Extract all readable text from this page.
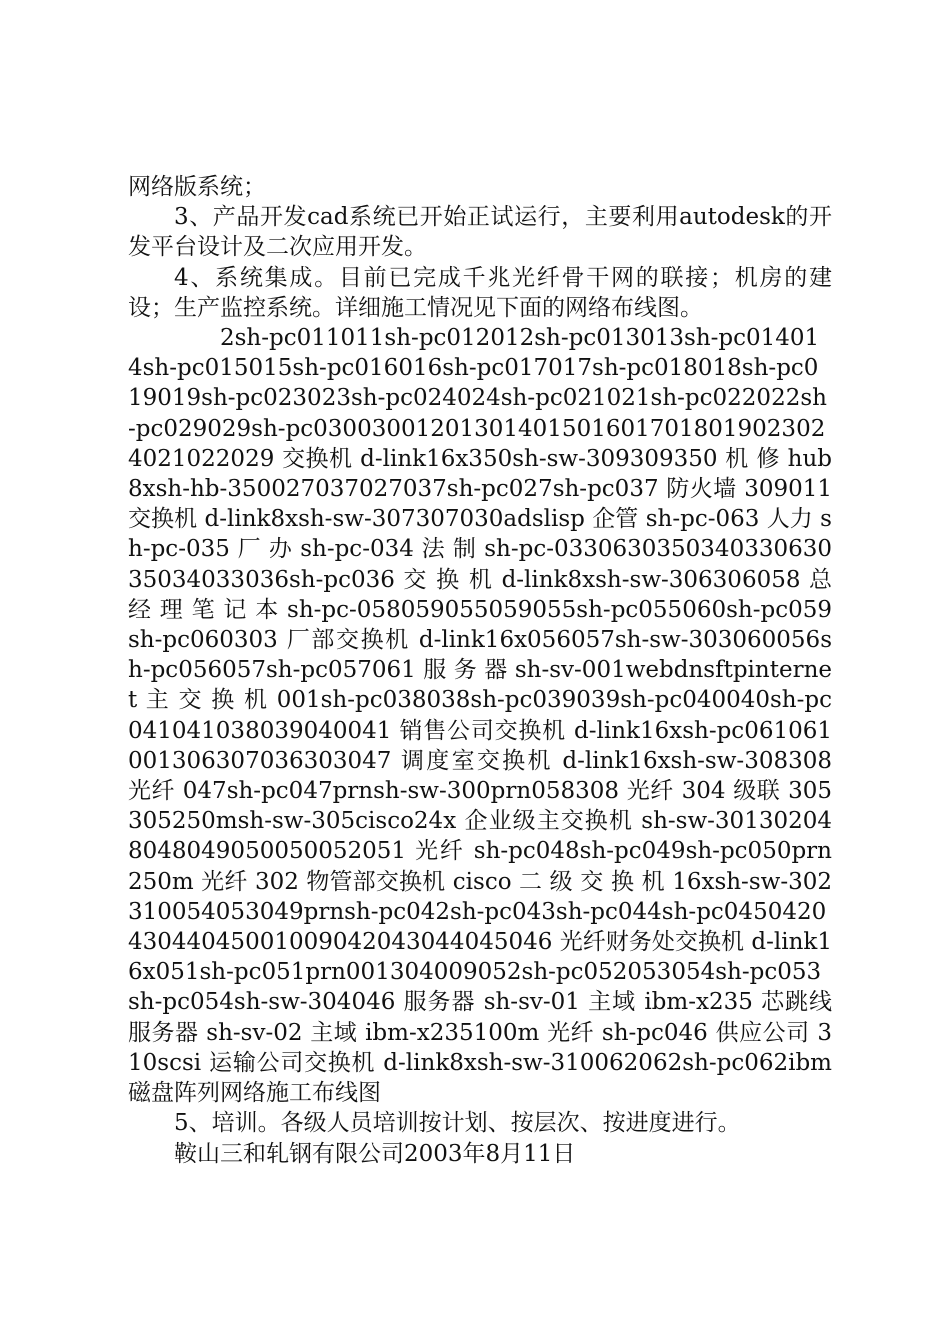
网络版系统；

3、产品开发cad系统已开始正试运行，主要利用autodesk的开发平台设计及二次应用开发。

4、系统集成。目前已完成千兆光纤骨干网的联接；机房的建设；生产监控系统。详细施工情况见下面的网络布线图。

2sh-pc011011sh-pc012012sh-pc013013sh-pc014014sh-pc015015sh-pc016016sh-pc017017sh-pc018018sh-pc019019sh-pc023023sh-pc024024sh-pc021021sh-pc022022sh-pc029029sh-pc030030012013014015016017018019023024021022029 交换机 d-link16x350sh-sw-309309350 机 修 hub8xsh-hb-350027037027037sh-pc027sh-pc037 防火墙 309011 交换机 d-link8xsh-sw-307307030adslisp 企管 sh-pc-063 人力 sh-pc-035 厂 办 sh-pc-034 法 制 sh-pc-033063035034033063035034033036sh-pc036 交 换 机 d-link8xsh-sw-306306058 总 经 理 笔 记 本 sh-pc-058059055059055sh-pc055060sh-pc059sh-pc060303 厂部交换机 d-link16x056057sh-sw-303060056sh-pc056057sh-pc057061 服 务 器 sh-sv-001webdnsftpinternet 主 交 换 机 001sh-pc038038sh-pc039039sh-pc040040sh-pc041041038039040041 销售公司交换机 d-link16xsh-pc061061001306307036303047 调度室交换机 d-link16xsh-sw-308308 光纤 047sh-pc047prnsh-sw-300prn058308 光纤 304 级联 305305250msh-sw-305cisco24x 企业级主交换机 sh-sw-30130204804804905005005205​1 光纤 sh-pc048sh-pc049sh-pc050prn250m 光纤 302 物管部交换机 cisco 二 级 交 换 机 16xsh-sw-302310054053049prnsh-pc042sh-pc043sh-pc044sh-pc045042043044045001009042043044045046 光纤财务处交换机 d-link16x051sh-pc051prn001304009052sh-pc052053054sh-pc053sh-pc054sh-sw-304046 服务器 sh-sv-01 主域 ibm-x235 芯跳线服务器 sh-sv-02 主域 ibm-x235100m 光纤 sh-pc046 供应公司 310scsi 运输公司交换机 d-link8xsh-sw-310062062sh-pc062ibm 磁盘阵列网络施工布线图

5、培训。各级人员培训按计划、按层次、按进度进行。

鞍山三和轧钢有限公司2003年8月11日
